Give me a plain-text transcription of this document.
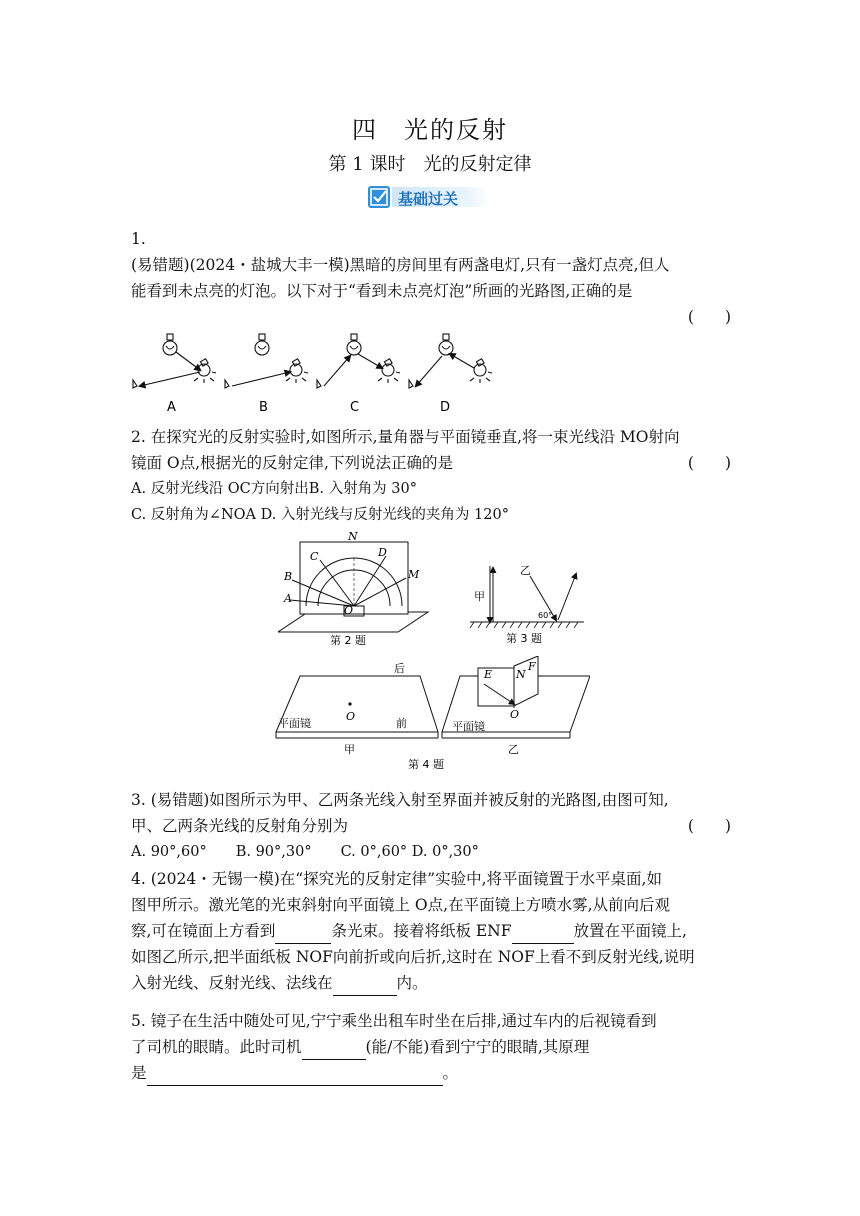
四　光的反射
第 1 课时　光的反射定律
基础过关
1.
(易错题)(2024・盐城大丰一模)黑暗的房间里有两盏电灯,只有一盏灯点亮,但人
能看到未点亮的灯泡。以下对于“看到未点亮灯泡”所画的光路图,正确的是
(　　)
A	B	C	D
2. 在探究光的反射实验时,如图所示,量角器与平面镜垂直,将一束光线沿 MO射向
镜面 O点,根据光的反射定律,下列说法正确的是	(　　)
A. 反射光线沿 OC方向射出B. 入射角为 30°
C. 反射角为∠NOA D. 入射光线与反射光线的夹角为 120°
N
C	D
B	M
A
O
第 2 题
甲
乙
60°
第 3 题
后
O
前
平面镜
甲
E N
F
O
平面镜
乙
第 4 题
3. (易错题)如图所示为甲、乙两条光线入射至界面并被反射的光路图,由图可知,
甲、乙两条光线的反射角分别为	(　　)
A. 90°,60°　　B. 90°,30°　　C. 0°,60° D. 0°,30°
4. (2024・无锡一模)在“探究光的反射定律”实验中,将平面镜置于水平桌面,如
图甲所示。激光笔的光束斜射向平面镜上 O点,在平面镜上方喷水雾,从前向后观
察,可在镜面上方看到	条光束。接着将纸板 ENF	放置在平面镜上,
如图乙所示,把半面纸板 NOF向前折或向后折,这时在 NOF上看不到反射光线,说明
入射光线、反射光线、法线在	内。
5. 镜子在生活中随处可见,宁宁乘坐出租车时坐在后排,通过车内的后视镜看到
了司机的眼睛。此时司机	(能/不能)看到宁宁的眼睛,其原理
是	。
